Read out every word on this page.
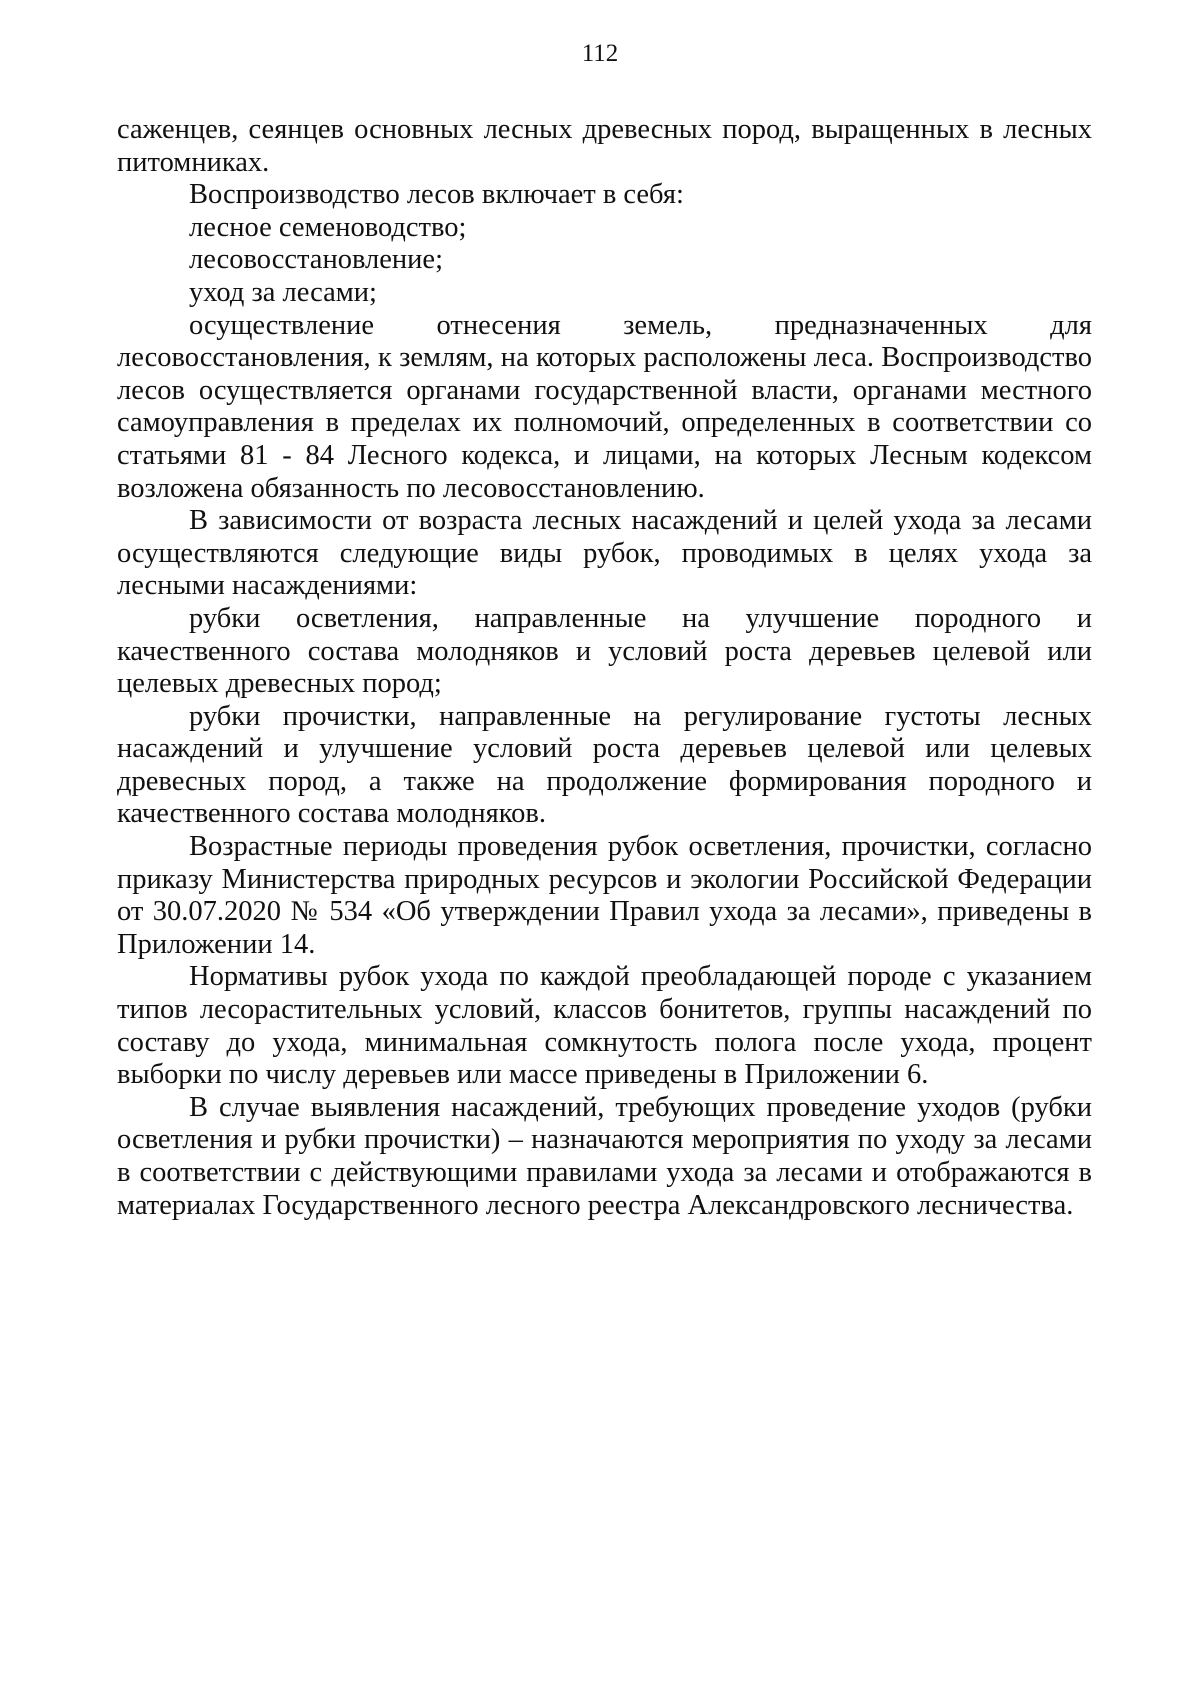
112

саженцев, сеянцев основных лесных древесных пород, выращенных в лесных питомниках.

Воспроизводство лесов включает в себя:

лесное семеноводство;

лесовосстановление;

уход за лесами;

осуществление отнесения земель, предназначенных для лесовосстановления, к землям, на которых расположены леса. Воспроизводство лесов осуществляется органами государственной власти, органами местного самоуправления в пределах их полномочий, определенных в соответствии со статьями 81 - 84 Лесного кодекса, и лицами, на которых Лесным кодексом возложена обязанность по лесовосстановлению.

В зависимости от возраста лесных насаждений и целей ухода за лесами осуществляются следующие виды рубок, проводимых в целях ухода за лесными насаждениями:

рубки осветления, направленные на улучшение породного и качественного состава молодняков и условий роста деревьев целевой или целевых древесных пород;

рубки прочистки, направленные на регулирование густоты лесных насаждений и улучшение условий роста деревьев целевой или целевых древесных пород, а также на продолжение формирования породного и качественного состава молодняков.

Возрастные периоды проведения рубок осветления, прочистки, согласно приказу Министерства природных ресурсов и экологии Российской Федерации от 30.07.2020 № 534 «Об утверждении Правил ухода за лесами», приведены в Приложении 14.

Нормативы рубок ухода по каждой преобладающей породе с указанием типов лесорастительных условий, классов бонитетов, группы насаждений по составу до ухода, минимальная сомкнутость полога после ухода, процент выборки по числу деревьев или массе приведены в Приложении 6.

В случае выявления насаждений, требующих проведение уходов (рубки осветления и рубки прочистки) – назначаются мероприятия по уходу за лесами в соответствии с действующими правилами ухода за лесами и отображаются в материалах Государственного лесного реестра Александровского лесничества.
